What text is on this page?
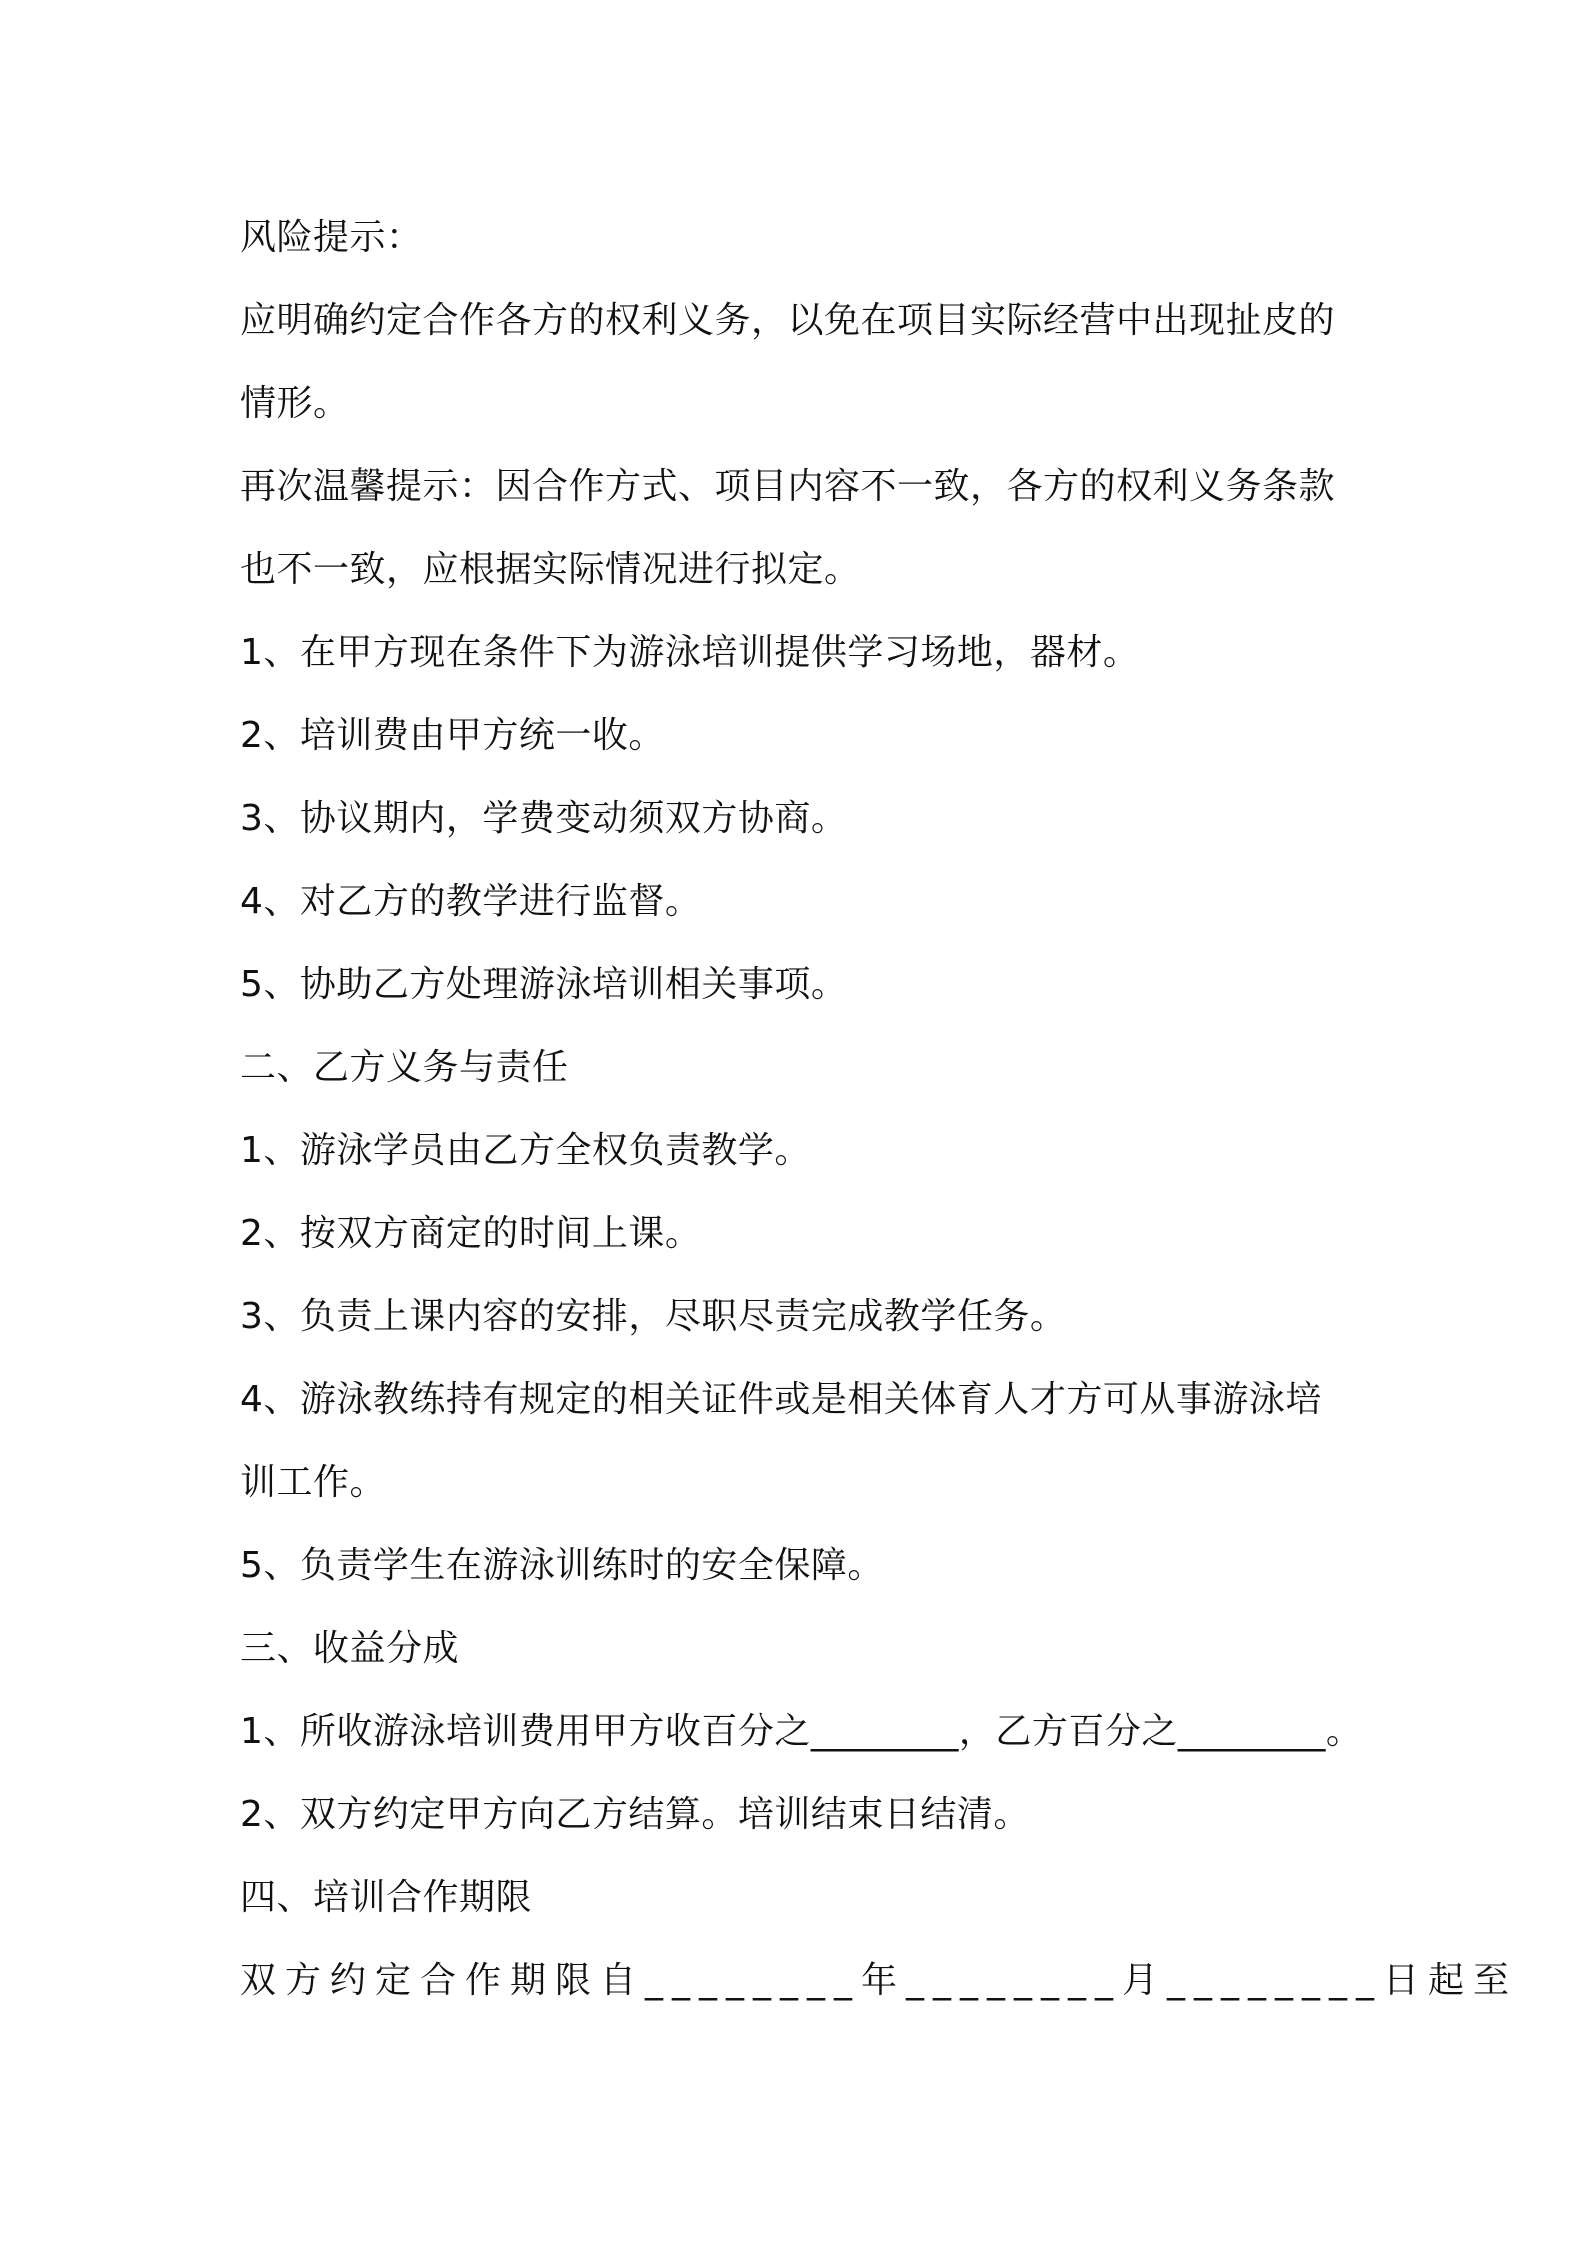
风险提示：
应明确约定合作各方的权利义务，以免在项目实际经营中出现扯皮的
情形。
再次温馨提示：因合作方式、项目内容不一致，各方的权利义务条款
也不一致，应根据实际情况进行拟定。
1、在甲方现在条件下为游泳培训提供学习场地，器材。
2、培训费由甲方统一收。
3、协议期内，学费变动须双方协商。
4、对乙方的教学进行监督。
5、协助乙方处理游泳培训相关事项。
二、乙方义务与责任
1、游泳学员由乙方全权负责教学。
2、按双方商定的时间上课。
3、负责上课内容的安排，尽职尽责完成教学任务。
4、游泳教练持有规定的相关证件或是相关体育人才方可从事游泳培
训工作。
5、负责学生在游泳训练时的安全保障。
三、收益分成
1、所收游泳培训费用甲方收百分之________，乙方百分之________。
2、双方约定甲方向乙方结算。培训结束日结清。
四、培训合作期限
双方约定合作期限自________年________月________日起至
